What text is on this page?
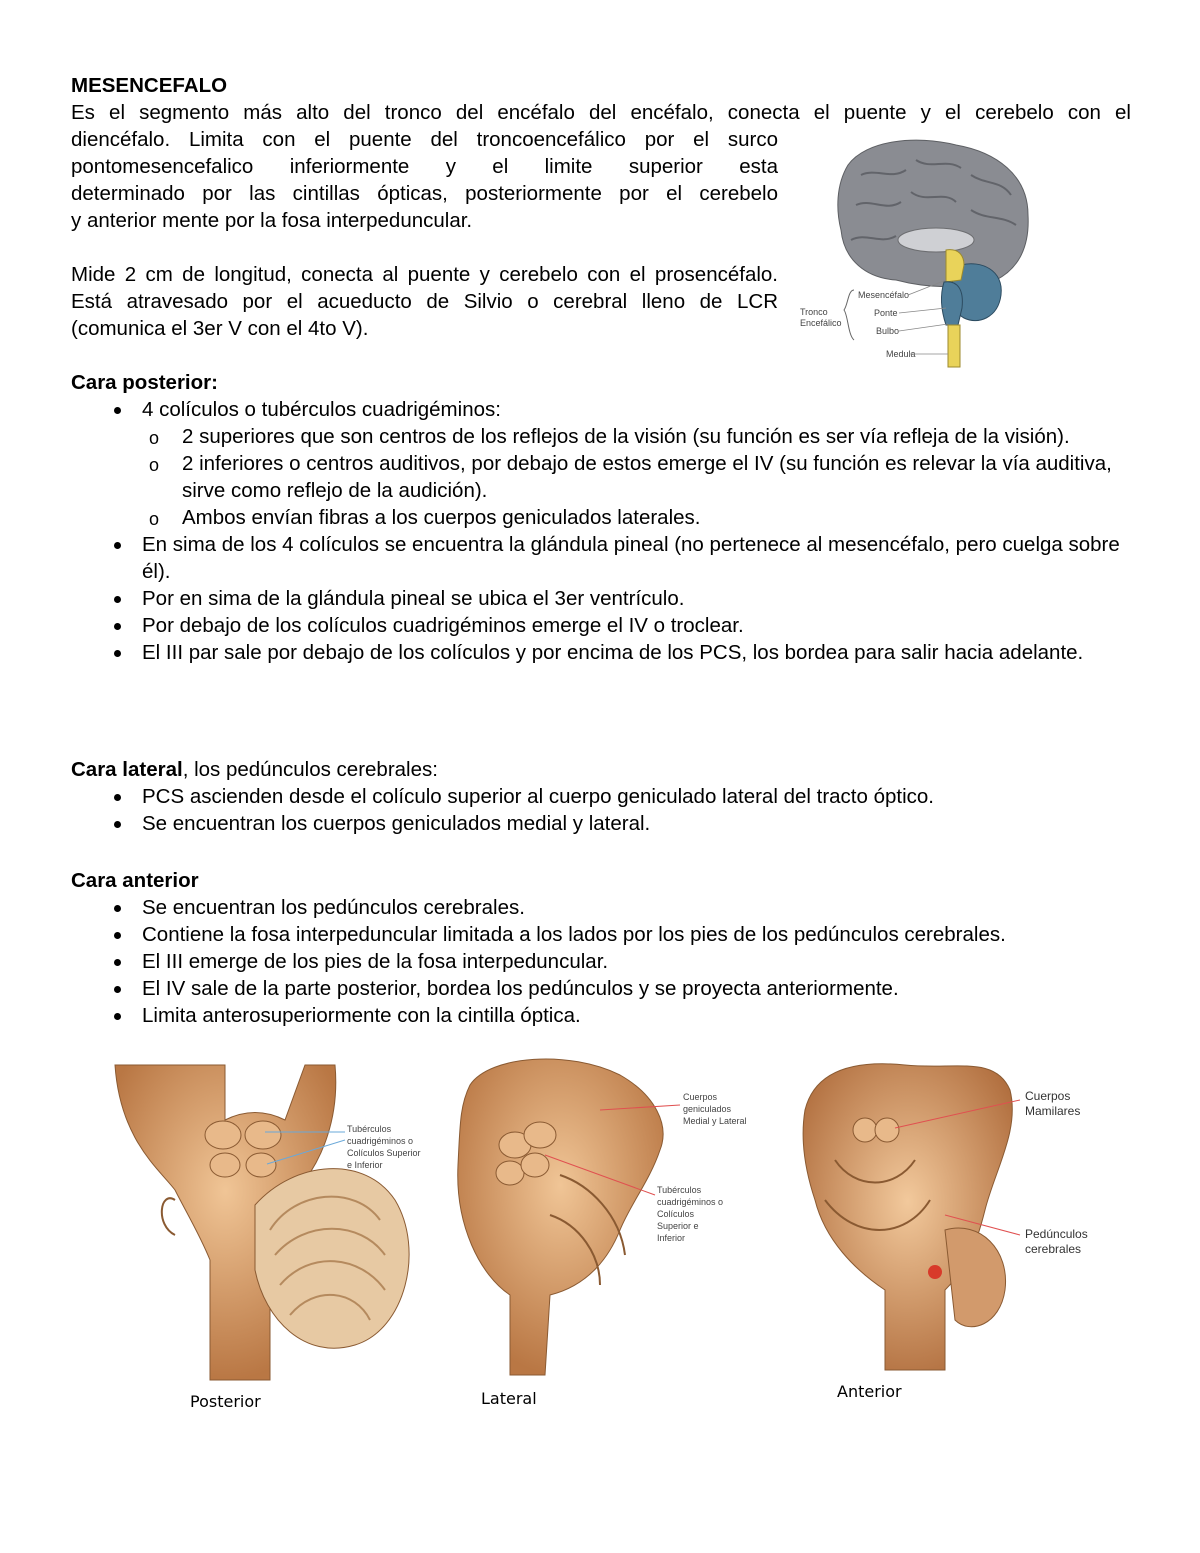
MESENCEFALO
Es el segmento más alto del tronco del encéfalo del encéfalo, conecta el puente y el cerebelo con el
diencéfalo. Limita con el puente del troncoencefálico por el surco
pontomesencefalico inferiormente y el limite superior esta
determinado por las cintillas ópticas, posteriormente por el cerebelo
y anterior mente por la fosa interpeduncular.
Mide 2 cm de longitud, conecta al puente y cerebelo con el prosencéfalo. Está atravesado por el acueducto de Silvio o cerebral lleno de LCR (comunica el 3er V con el 4to V).
Tronco
Encefálico
Mesencéfalo
Ponte
Bulbo
Medula
Cara posterior:
4 colículos o tubérculos cuadrigéminos:
o 2 superiores que son centros de los reflejos de la visión (su función es ser vía refleja de la visión).
o 2 inferiores o centros auditivos, por debajo de estos emerge el IV (su función es relevar la vía auditiva, sirve como reflejo de la audición).
o Ambos envían fibras a los cuerpos geniculados laterales.
En sima de los 4 colículos se encuentra la glándula pineal (no pertenece al mesencéfalo, pero cuelga sobre él).
Por en sima de la glándula pineal se ubica el 3er ventrículo.
Por debajo de los colículos cuadrigéminos emerge el IV o troclear.
El III par sale por debajo de los colículos y por encima de los PCS, los bordea para salir hacia adelante.
Cara lateral, los pedúnculos cerebrales:
PCS ascienden desde el colículo superior al cuerpo geniculado lateral del tracto óptico.
Se encuentran los cuerpos geniculados medial y lateral.
Cara anterior
Se encuentran los pedúnculos cerebrales.
Contiene la fosa interpeduncular limitada a los lados por los pies de los pedúnculos cerebrales.
El III emerge de los pies de la fosa interpeduncular.
El IV sale de la parte posterior, bordea los pedúnculos y se proyecta anteriormente.
Limita anterosuperiormente con la cintilla óptica.
Tubérculos
cuadrigéminos o
Colículos Superior
e Inferior
Posterior
Cuerpos
geniculados
Medial y Lateral
Tubérculos
cuadrigéminos o
Colículos
Superior e
Inferior
Lateral
Cuerpos
Mamilares
Pedúnculos
cerebrales
Anterior
